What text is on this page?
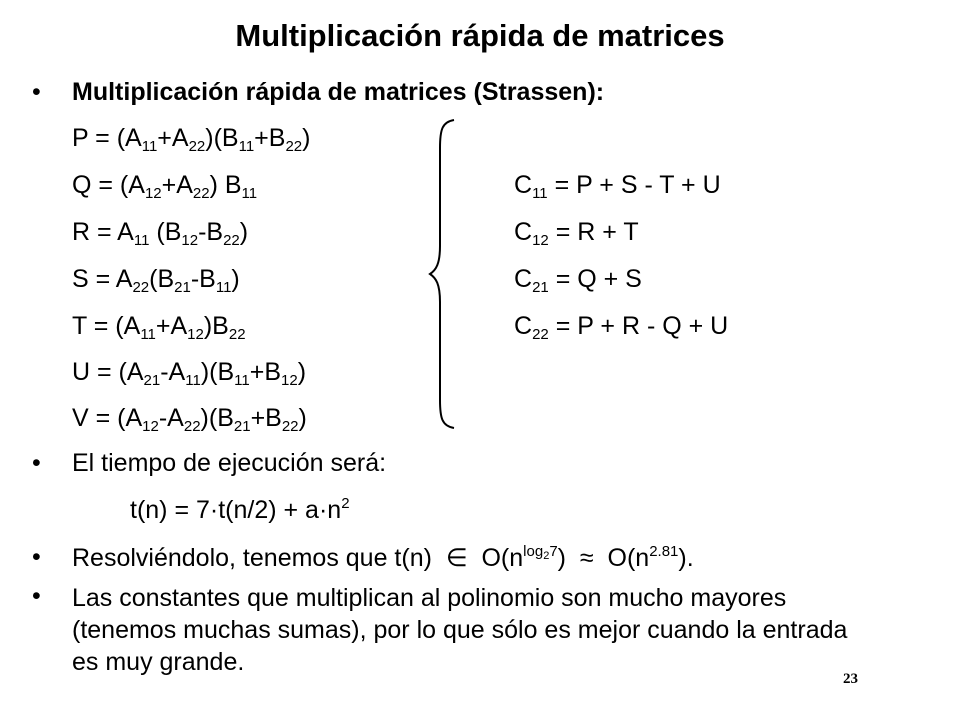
Multiplicación rápida de matrices
• Multiplicación rápida de matrices (Strassen):
$P = (A_{11}+A_{22})(B_{11}+B_{22})$
$Q = (A_{12}+A_{22})$ $B_{11}$
$R = A_{11}$ $(B_{12}-B_{22})$
$S = A_{22}(B_{21}-B_{11})$
$T = (A_{11}+A_{12})B_{22}$
$U = (A_{21}-A_{11})(B_{11}+B_{12})$
$V = (A_{12}-A_{22})(B_{21}+B_{22})$
$C_{11} = P + S - T + U$
$C_{12} = R + T$
$C_{21} = Q + S$
$C_{22} = P + R - Q + U$
• El tiempo de ejecución será:
$t(n) = 7\cdot t(n/2) + a\cdot n^2$
• Resolviéndolo, tenemos que t(n)  ∈  $O(n^{log_27}) \approx O(n^{2.81})$.
• Las constantes que multiplican al polinomio son mucho mayores (tenemos muchas sumas), por lo que sólo es mejor cuando la entrada es muy grande.
23
